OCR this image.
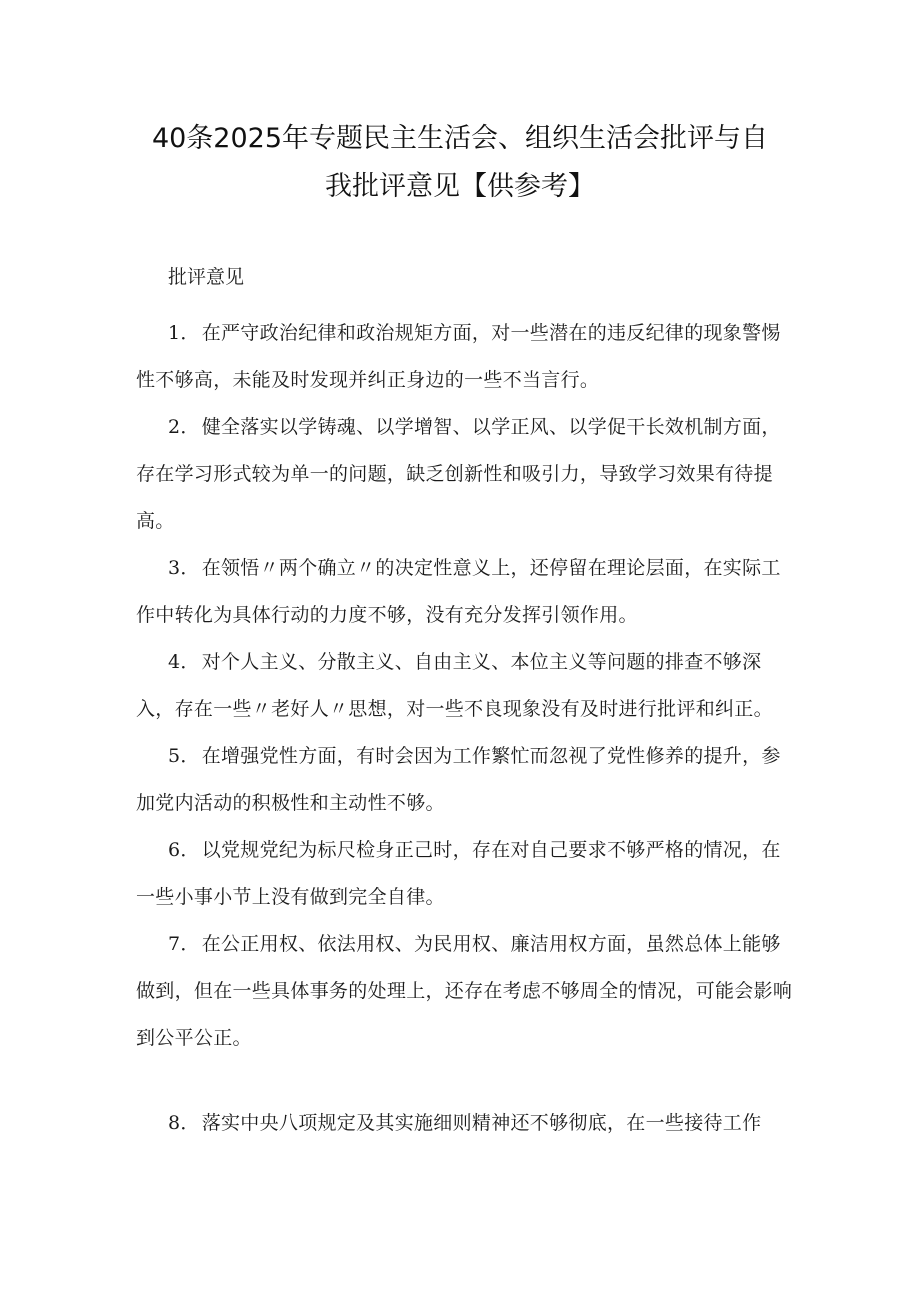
40条2025年专题民主生活会、组织生活会批评与自
我批评意见【供参考】

批评意见

1． 在严守政治纪律和政治规矩方面，对一些潜在的违反纪律的现象警惕性不够高，未能及时发现并纠正身边的一些不当言行。

2． 健全落实以学铸魂、以学增智、以学正风、以学促干长效机制方面，存在学习形式较为单一的问题，缺乏创新性和吸引力，导致学习效果有待提高。

3． 在领悟〃两个确立〃的决定性意义上，还停留在理论层面，在实际工作中转化为具体行动的力度不够，没有充分发挥引领作用。

4． 对个人主义、分散主义、自由主义、本位主义等问题的排查不够深入，存在一些〃老好人〃思想，对一些不良现象没有及时进行批评和纠正。

5． 在增强党性方面，有时会因为工作繁忙而忽视了党性修养的提升，参加党内活动的积极性和主动性不够。

6． 以党规党纪为标尺检身正己时，存在对自己要求不够严格的情况，在一些小事小节上没有做到完全自律。

7． 在公正用权、依法用权、为民用权、廉洁用权方面，虽然总体上能够做到，但在一些具体事务的处理上，还存在考虑不够周全的情况，可能会影响到公平公正。

8． 落实中央八项规定及其实施细则精神还不够彻底，在一些接待工作
